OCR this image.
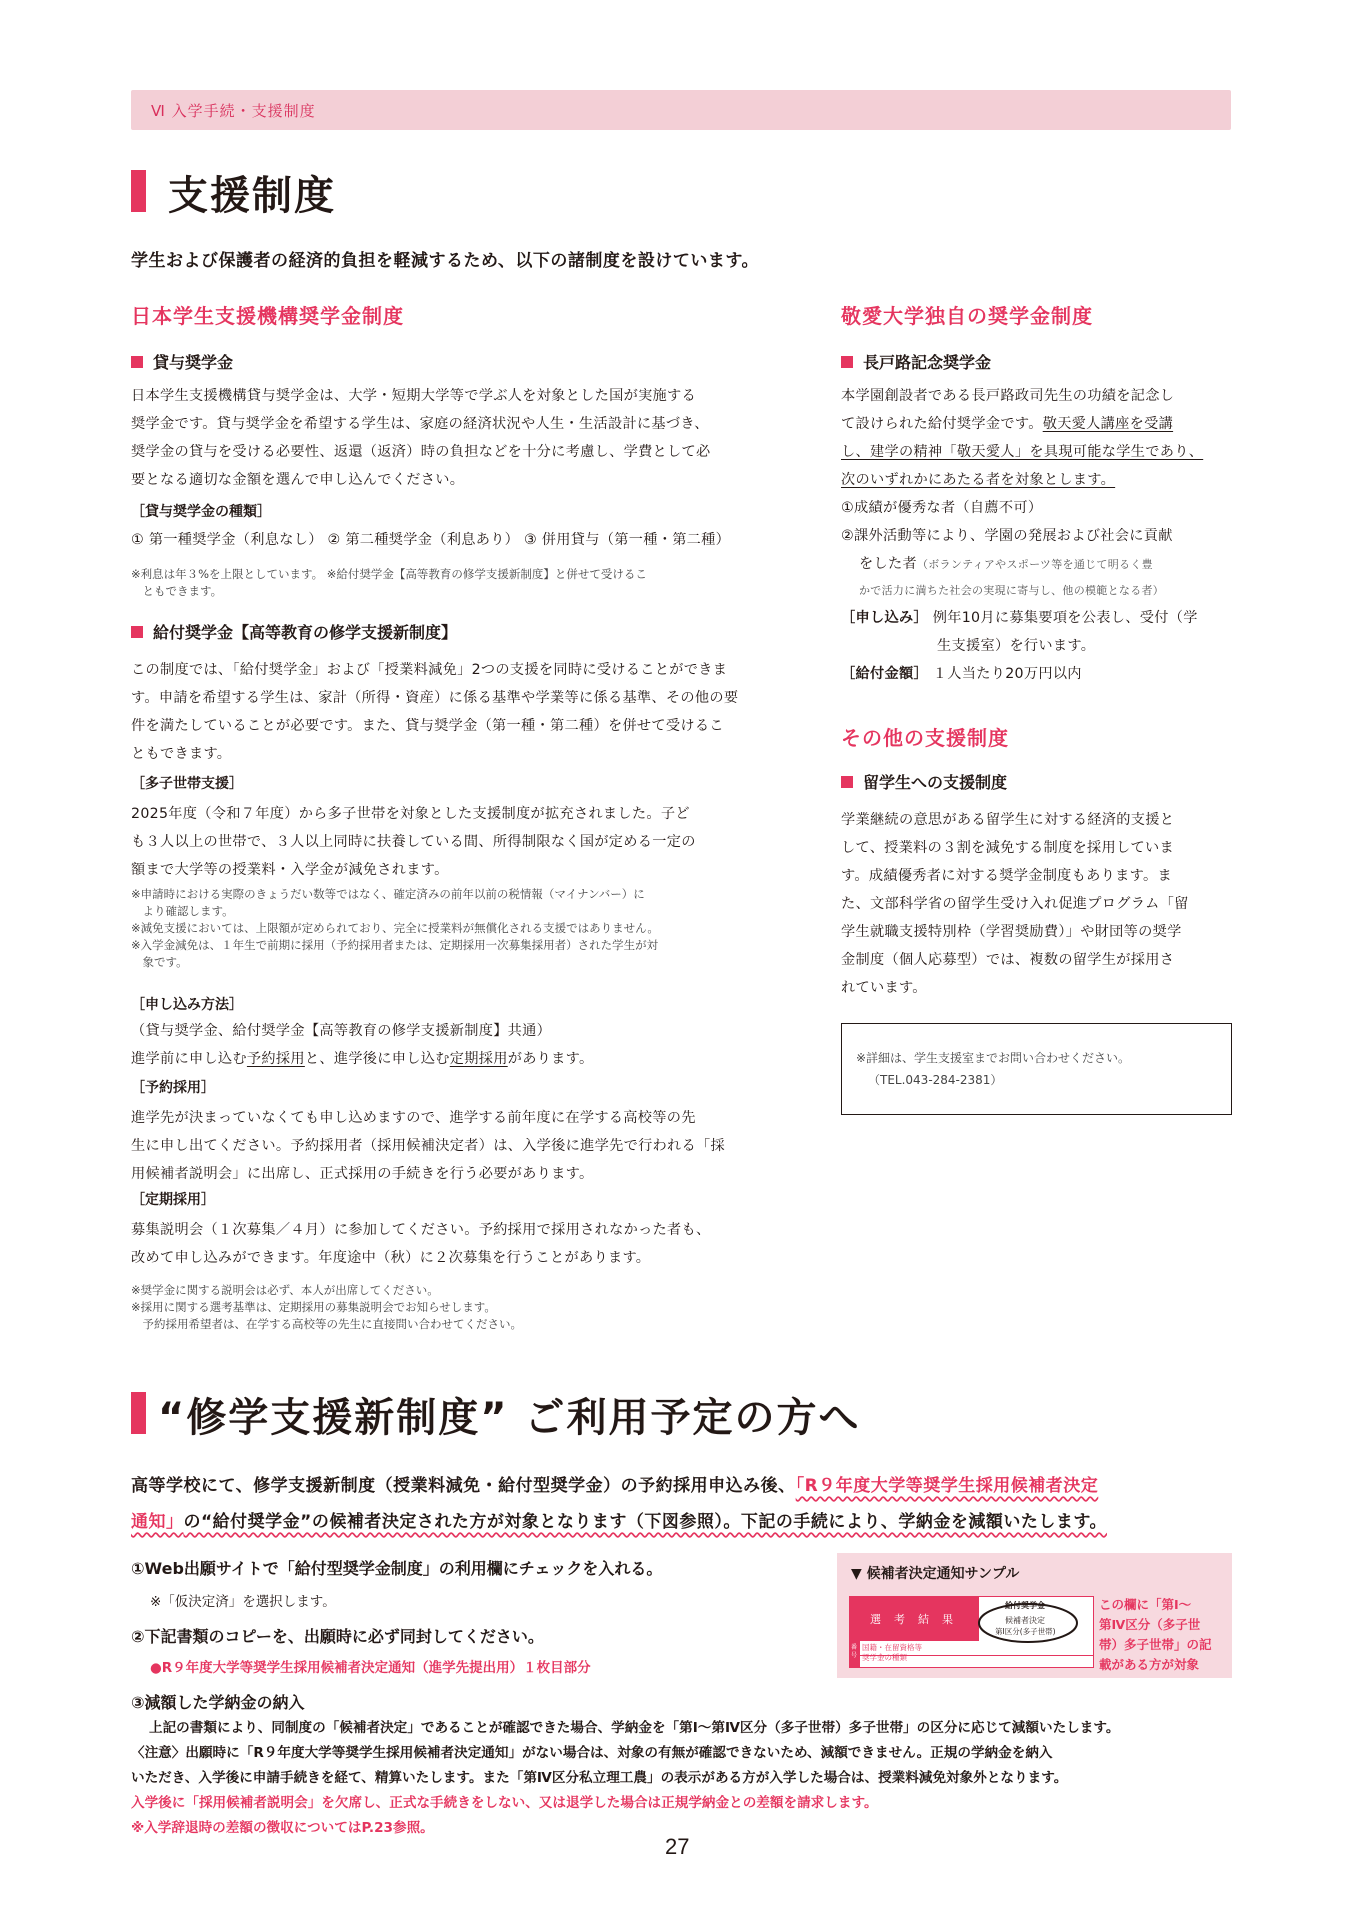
Ⅵ 入学手続・支援制度
支援制度
学生および保護者の経済的負担を軽減するため、以下の諸制度を設けています。
日本学生支援機構奨学金制度
貸与奨学金
日本学生支援機構貸与奨学金は、大学・短期大学等で学ぶ人を対象とした国が実施する
奨学金です。貸与奨学金を希望する学生は、家庭の経済状況や人生・生活設計に基づき、
奨学金の貸与を受ける必要性、返還（返済）時の負担などを十分に考慮し、学費として必
要となる適切な金額を選んで申し込んでください。
［貸与奨学金の種類］
① 第一種奨学金（利息なし） ② 第二種奨学金（利息あり） ③ 併用貸与（第一種・第二種）
※利息は年３%を上限としています。 ※給付奨学金【高等教育の修学支援新制度】と併せて受けるこ
　ともできます。
給付奨学金【高等教育の修学支援新制度】
この制度では、「給付奨学金」および「授業料減免」2つの支援を同時に受けることができま
す。申請を希望する学生は、家計（所得・資産）に係る基準や学業等に係る基準、その他の要
件を満たしていることが必要です。また、貸与奨学金（第一種・第二種）を併せて受けるこ
ともできます。
［多子世帯支援］
2025年度（令和７年度）から多子世帯を対象とした支援制度が拡充されました。子ど
も３人以上の世帯で、３人以上同時に扶養している間、所得制限なく国が定める一定の
額まで大学等の授業料・入学金が減免されます。
※申請時における実際のきょうだい数等ではなく、確定済みの前年以前の税情報（マイナンバー）に
　より確認します。
※減免支援においては、上限額が定められており、完全に授業料が無償化される支援ではありません。
※入学金減免は、１年生で前期に採用（予約採用者または、定期採用一次募集採用者）された学生が対
　象です。
［申し込み方法］
（貸与奨学金、給付奨学金【高等教育の修学支援新制度】共通）
進学前に申し込む予約採用と、進学後に申し込む定期採用があります。
［予約採用］
進学先が決まっていなくても申し込めますので、進学する前年度に在学する高校等の先
生に申し出てください。予約採用者（採用候補決定者）は、入学後に進学先で行われる「採
用候補者説明会」に出席し、正式採用の手続きを行う必要があります。
［定期採用］
募集説明会（１次募集／４月）に参加してください。予約採用で採用されなかった者も、
改めて申し込みができます。年度途中（秋）に２次募集を行うことがあります。
※奨学金に関する説明会は必ず、本人が出席してください。
※採用に関する選考基準は、定期採用の募集説明会でお知らせします。
　予約採用希望者は、在学する高校等の先生に直接問い合わせてください。
敬愛大学独自の奨学金制度
長戸路記念奨学金
本学園創設者である長戸路政司先生の功績を記念し
て設けられた給付奨学金です。敬天愛人講座を受講
し、建学の精神「敬天愛人」を具現可能な学生であり、
次のいずれかにあたる者を対象とします。
①成績が優秀な者（自薦不可）
②課外活動等により、学園の発展および社会に貢献
をした者（ボランティアやスポーツ等を通じて明るく豊
かで活力に満ちた社会の実現に寄与し、他の模範となる者）
［申し込み］ 例年10月に募集要項を公表し、受付（学
生支援室）を行います。
［給付金額］ １人当たり20万円以内
その他の支援制度
留学生への支援制度
学業継続の意思がある留学生に対する経済的支援と
して、授業料の３割を減免する制度を採用していま
す。成績優秀者に対する奨学金制度もあります。ま
た、文部科学省の留学生受け入れ促進プログラム「留
学生就職支援特別枠（学習奨励費）」や財団等の奨学
金制度（個人応募型）では、複数の留学生が採用さ
れています。
※詳細は、学生支援室までお問い合わせください。
（TEL.043-284-2381）
“修学支援新制度” ご利用予定の方へ
高等学校にて、修学支援新制度（授業料減免・給付型奨学金）の予約採用申込み後、「R９年度大学等奨学生採用候補者決定
通知」の“給付奨学金”の候補者決定された方が対象となります（下図参照）。下記の手続により、学納金を減額いたします。
①Web出願サイトで「給付型奨学金制度」の利用欄にチェックを入れる。
※「仮決定済」を選択します。
②下記書類のコピーを、出願時に必ず同封してください。
●R９年度大学等奨学生採用候補者決定通知（進学先提出用）１枚目部分
③減額した学納金の納入
▼ 候補者決定通知サンプル
この欄に「第Ⅰ～
第Ⅳ区分（多子世
帯）多子世帯」の記
載がある方が対象
選　考　結　果
給付奨学金
候補者決定
第Ⅰ区分(多子世帯)
番号
国籍・在留資格等
奨学金の種類
上記の書類により、同制度の「候補者決定」であることが確認できた場合、学納金を「第Ⅰ～第Ⅳ区分（多子世帯）多子世帯」の区分に応じて減額いたします。
〈注意〉出願時に「R９年度大学等奨学生採用候補者決定通知」がない場合は、対象の有無が確認できないため、減額できません。正規の学納金を納入
いただき、入学後に申請手続きを経て、精算いたします。また「第Ⅳ区分私立理工農」の表示がある方が入学した場合は、授業料減免対象外となります。
入学後に「採用候補者説明会」を欠席し、正式な手続きをしない、又は退学した場合は正規学納金との差額を請求します。
※入学辞退時の差額の徴収についてはP.23参照。
27
